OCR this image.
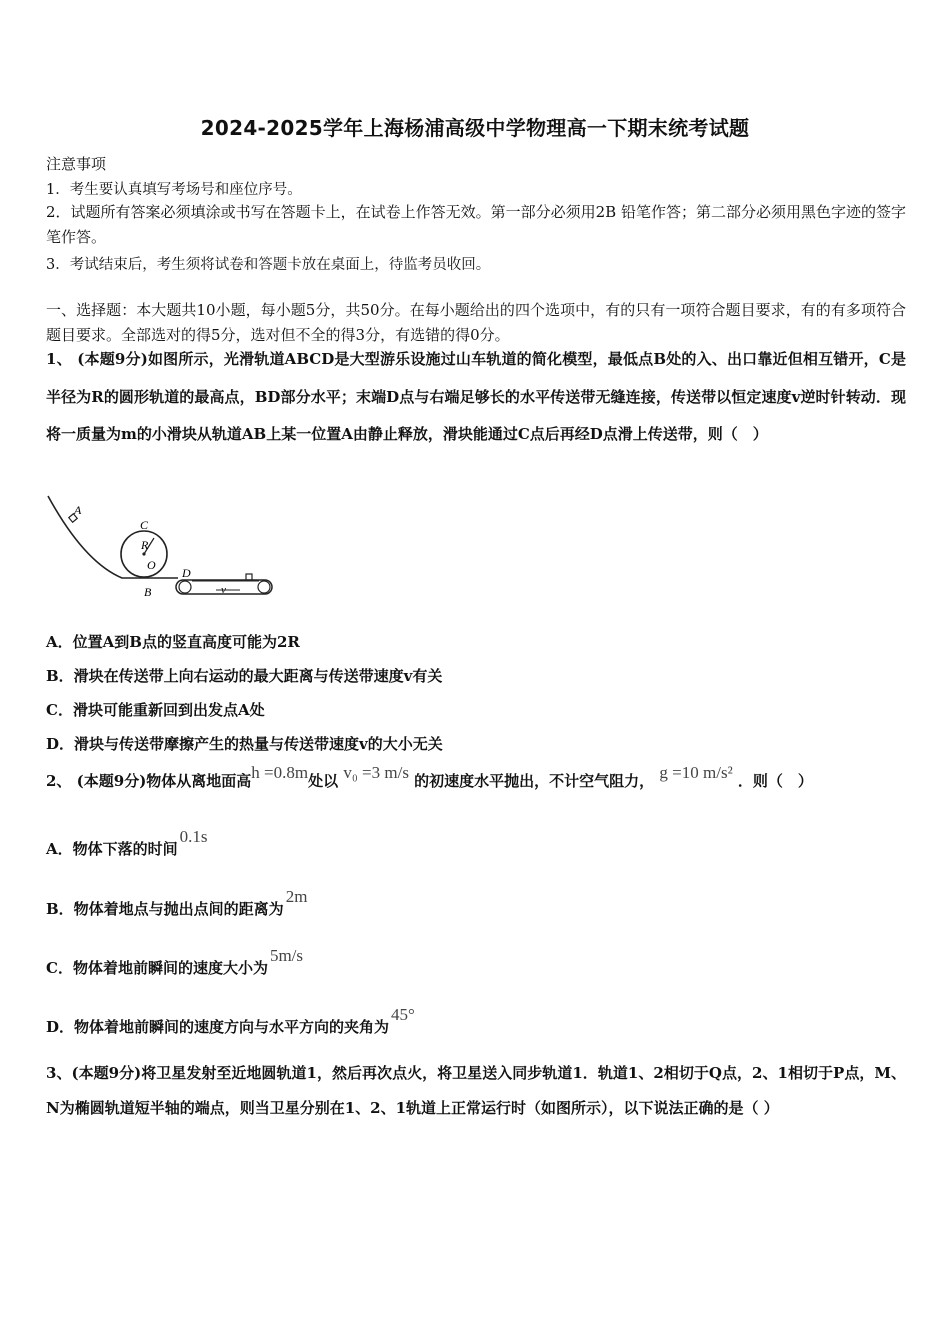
2024-2025学年上海杨浦高级中学物理高一下期末统考试题
注意事项
1．考生要认真填写考场号和座位序号。
2．试题所有答案必须填涂或书写在答题卡上，在试卷上作答无效。第一部分必须用2B 铅笔作答；第二部分必须用黑色字迹的签字笔作答。
3．考试结束后，考生须将试卷和答题卡放在桌面上，待监考员收回。
一、选择题：本大题共10小题，每小题5分，共50分。在每小题给出的四个选项中，有的只有一项符合题目要求，有的有多项符合题目要求。全部选对的得5分，选对但不全的得3分，有选错的得0分。
1、 (本题9分)如图所示，光滑轨道ABCD是大型游乐设施过山车轨道的简化模型，最低点B处的入、出口靠近但相互错开，C是半径为R的圆形轨道的最高点，BD部分水平；末端D点与右端足够长的水平传送带无缝连接，传送带以恒定速度v逆时针转动．现将一质量为m的小滑块从轨道AB上某一位置A由静止释放，滑块能通过C点后再经D点滑上传送带，则（　）
A
C
R
O
D
B	v
A．位置A到B点的竖直高度可能为2R
B．滑块在传送带上向右运动的最大距离与传送带速度v有关
C．滑块可能重新回到出发点A处
D．滑块与传送带摩擦产生的热量与传送带速度v的大小无关
2、 (本题9分)物体从离地面高h =0.8m处以 v₀ =3 m/s 的初速度水平抛出，不计空气阻力， g =10 m/s² ．则（　）
A．物体下落的时间0.1s
B．物体着地点与抛出点间的距离为2m
C．物体着地前瞬间的速度大小为5m/s
D．物体着地前瞬间的速度方向与水平方向的夹角为45°
3、(本题9分)将卫星发射至近地圆轨道1，然后再次点火，将卫星送入同步轨道1．轨道1、2相切于Q点，2、1相切于P点，M、N为椭圆轨道短半轴的端点，则当卫星分别在1、2、1轨道上正常运行时（如图所示），以下说法正确的是（ ）
